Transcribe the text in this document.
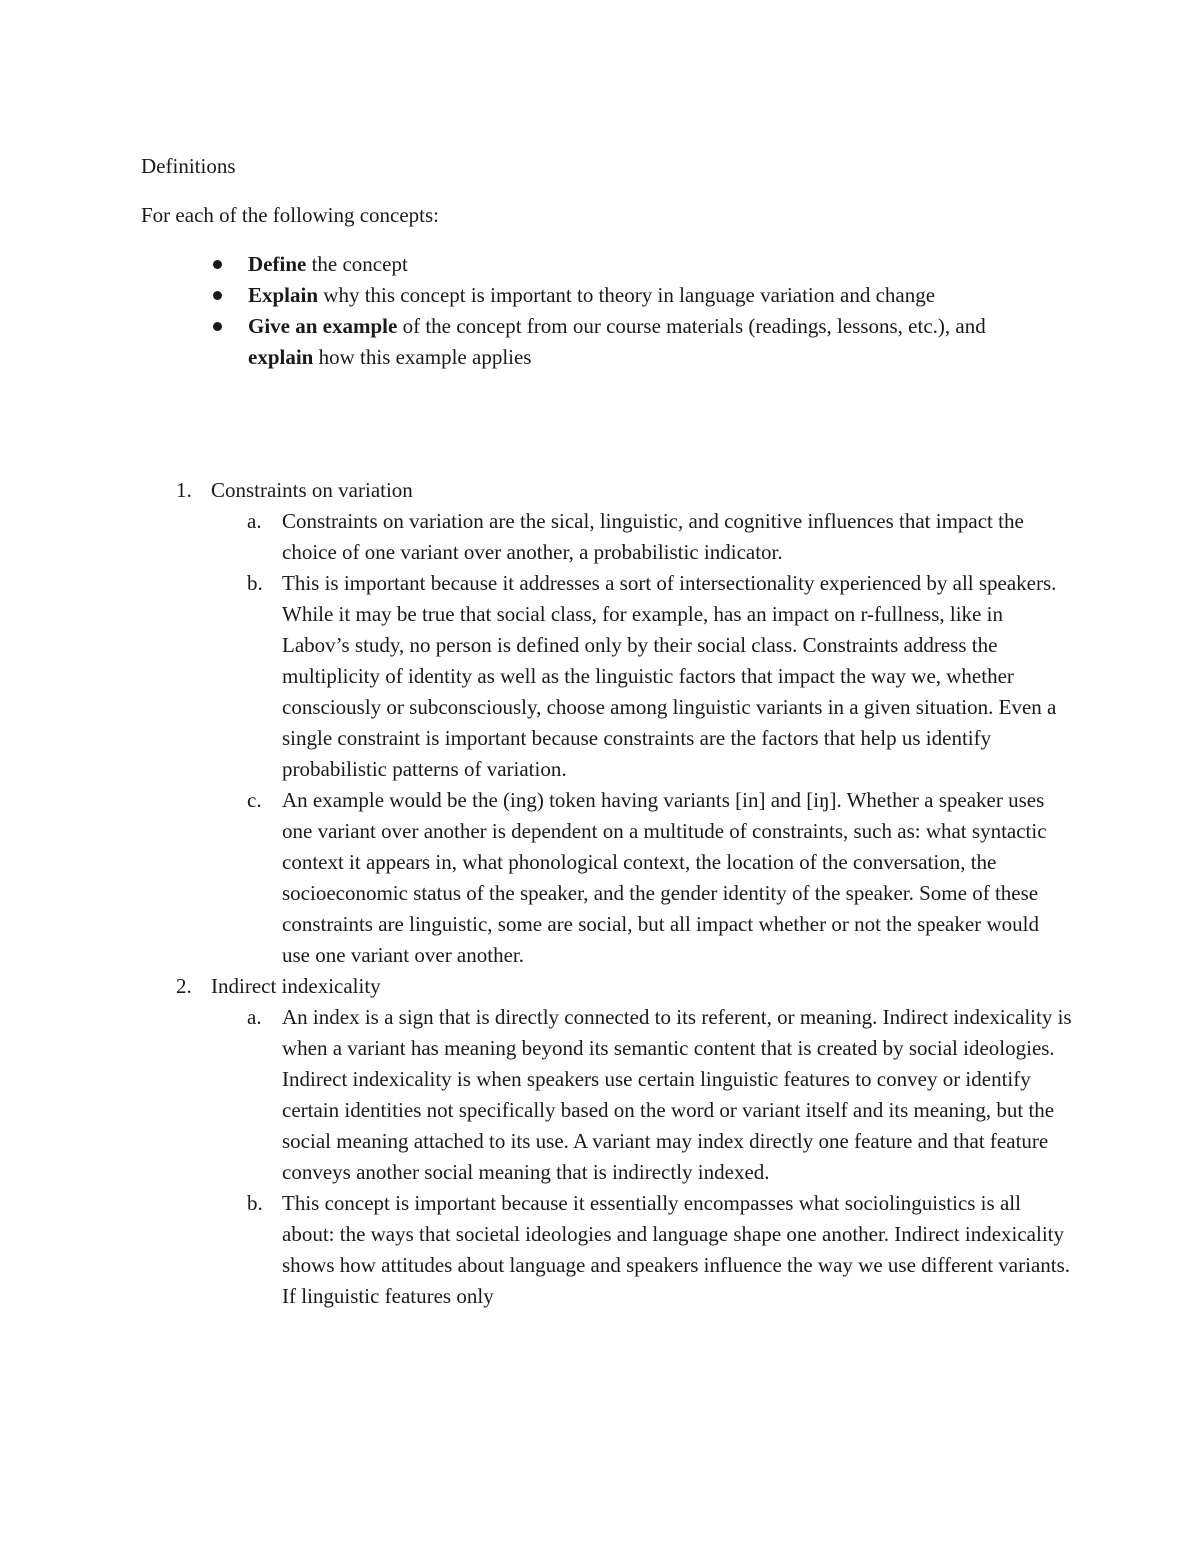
Definitions
For each of the following concepts:
Define the concept
Explain why this concept is important to theory in language variation and change
Give an example of the concept from our course materials (readings, lessons, etc.), and explain how this example applies
1. Constraints on variation
a. Constraints on variation are the sical, linguistic, and cognitive influences that impact the choice of one variant over another, a probabilistic indicator.
b. This is important because it addresses a sort of intersectionality experienced by all speakers. While it may be true that social class, for example, has an impact on r-fullness, like in Labov’s study, no person is defined only by their social class. Constraints address the multiplicity of identity as well as the linguistic factors that impact the way we, whether consciously or subconsciously, choose among linguistic variants in a given situation. Even a single constraint is important because constraints are the factors that help us identify probabilistic patterns of variation.
c. An example would be the (ing) token having variants [in] and [iŋ]. Whether a speaker uses one variant over another is dependent on a multitude of constraints, such as: what syntactic context it appears in, what phonological context, the location of the conversation, the socioeconomic status of the speaker, and the gender identity of the speaker. Some of these constraints are linguistic, some are social, but all impact whether or not the speaker would use one variant over another.
2. Indirect indexicality
a. An index is a sign that is directly connected to its referent, or meaning. Indirect indexicality is when a variant has meaning beyond its semantic content that is created by social ideologies. Indirect indexicality is when speakers use certain linguistic features to convey or identify certain identities not specifically based on the word or variant itself and its meaning, but the social meaning attached to its use. A variant may index directly one feature and that feature conveys another social meaning that is indirectly indexed.
b. This concept is important because it essentially encompasses what sociolinguistics is all about: the ways that societal ideologies and language shape one another. Indirect indexicality shows how attitudes about language and speakers influence the way we use different variants. If linguistic features only
